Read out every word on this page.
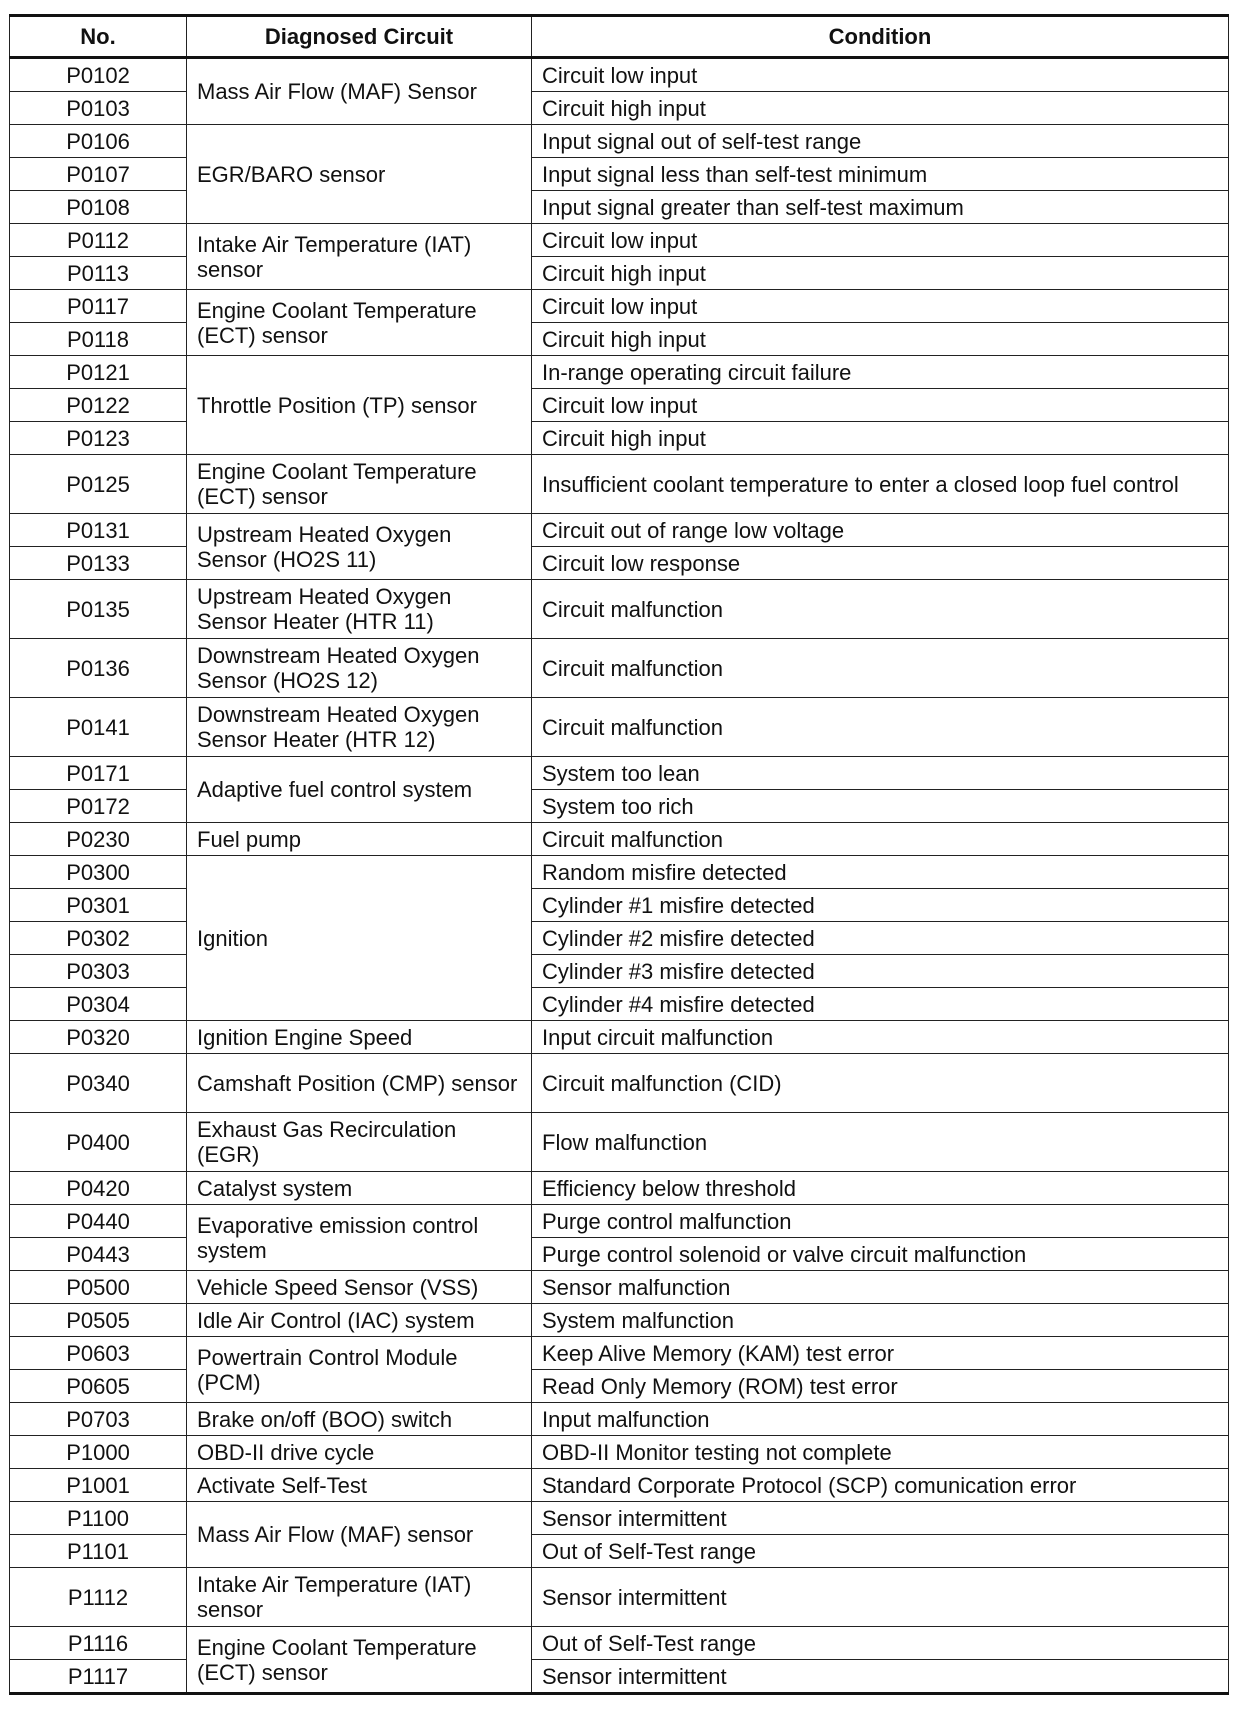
No.	Diagnosed Circuit	Condition
P0102	Mass Air Flow (MAF) Sensor	Circuit low input
P0103		Circuit high input
P0106	EGR/BARO sensor	Input signal out of self-test range
P0107		Input signal less than self-test minimum
P0108		Input signal greater than self-test maximum
P0112	Intake Air Temperature (IAT) sensor	Circuit low input
P0113		Circuit high input
P0117	Engine Coolant Temperature (ECT) sensor	Circuit low input
P0118		Circuit high input
P0121	Throttle Position (TP) sensor	In-range operating circuit failure
P0122		Circuit low input
P0123		Circuit high input
P0125	Engine Coolant Temperature (ECT) sensor	Insufficient coolant temperature to enter a closed loop fuel control
P0131	Upstream Heated Oxygen Sensor (HO2S 11)	Circuit out of range low voltage
P0133		Circuit low response
P0135	Upstream Heated Oxygen Sensor Heater (HTR 11)	Circuit malfunction
P0136	Downstream Heated Oxygen Sensor (HO2S 12)	Circuit malfunction
P0141	Downstream Heated Oxygen Sensor Heater (HTR 12)	Circuit malfunction
P0171	Adaptive fuel control system	System too lean
P0172		System too rich
P0230	Fuel pump	Circuit malfunction
P0300	Ignition	Random misfire detected
P0301		Cylinder #1 misfire detected
P0302		Cylinder #2 misfire detected
P0303		Cylinder #3 misfire detected
P0304		Cylinder #4 misfire detected
P0320	Ignition Engine Speed	Input circuit malfunction
P0340	Camshaft Position (CMP) sensor	Circuit malfunction (CID)
P0400	Exhaust Gas Recirculation (EGR)	Flow malfunction
P0420	Catalyst system	Efficiency below threshold
P0440	Evaporative emission control system	Purge control malfunction
P0443		Purge control solenoid or valve circuit malfunction
P0500	Vehicle Speed Sensor (VSS)	Sensor malfunction
P0505	Idle Air Control (IAC) system	System malfunction
P0603	Powertrain Control Module (PCM)	Keep Alive Memory (KAM) test error
P0605		Read Only Memory (ROM) test error
P0703	Brake on/off (BOO) switch	Input malfunction
P1000	OBD-II drive cycle	OBD-II Monitor testing not complete
P1001	Activate Self-Test	Standard Corporate Protocol (SCP) comunication error
P1100	Mass Air Flow (MAF) sensor	Sensor intermittent
P1101		Out of Self-Test range
P1112	Intake Air Temperature (IAT) sensor	Sensor intermittent
P1116	Engine Coolant Temperature (ECT) sensor	Out of Self-Test range
P1117		Sensor intermittent
